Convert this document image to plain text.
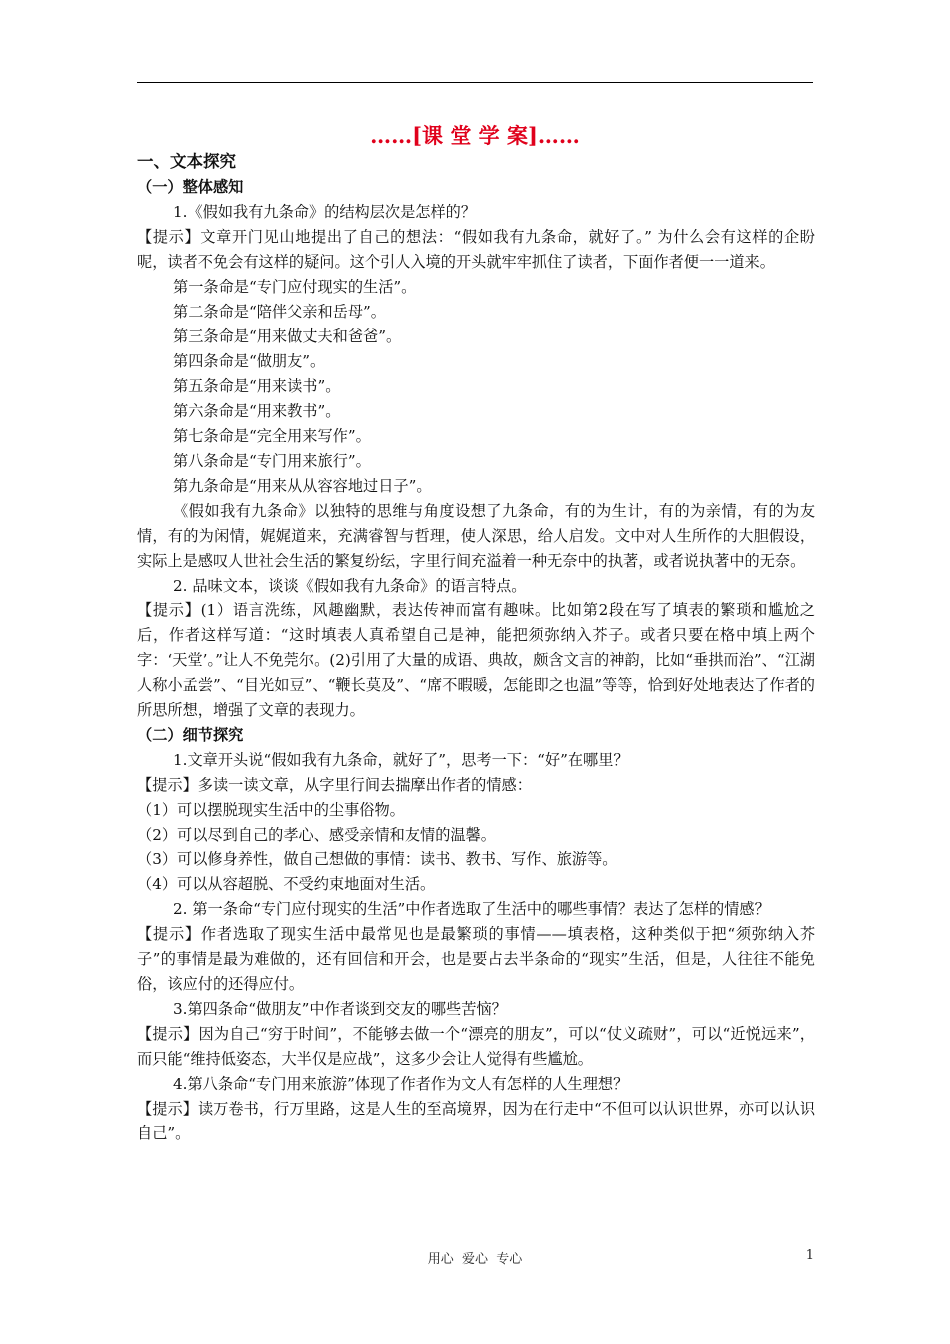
……[课 堂 学 案]……

一、文本探究

（一）整体感知

1.《假如我有九条命》的结构层次是怎样的？

【提示】文章开门见山地提出了自己的想法：“假如我有九条命，就好了。” 为什么会有这样的企盼呢，读者不免会有这样的疑问。这个引人入境的开头就牢牢抓住了读者，下面作者便一一道来。

第一条命是“专门应付现实的生活”。

第二条命是“陪伴父亲和岳母”。

第三条命是“用来做丈夫和爸爸”。

第四条命是“做朋友”。

第五条命是“用来读书”。

第六条命是“用来教书”。

第七条命是“完全用来写作”。

第八条命是“专门用来旅行”。

第九条命是“用来从从容容地过日子”。

《假如我有九条命》以独特的思维与角度设想了九条命，有的为生计，有的为亲情，有的为友情，有的为闲情，娓娓道来，充满睿智与哲理，使人深思，给人启发。文中对人生所作的大胆假设，实际上是感叹人世社会生活的繁复纷纭，字里行间充溢着一种无奈中的执著，或者说执著中的无奈。

2. 品味文本，谈谈《假如我有九条命》的语言特点。

【提示】(1）语言洗练，风趣幽默，表达传神而富有趣味。比如第2段在写了填表的繁琐和尴尬之后，作者这样写道：“这时填表人真希望自己是神，能把须弥纳入芥子。或者只要在格中填上两个字：‘天堂’。”让人不免莞尔。(2)引用了大量的成语、典故，颇含文言的神韵，比如“垂拱而治”、“江湖人称小孟尝”、“目光如豆”、“鞭长莫及”、“席不暇暖，怎能即之也温”等等，恰到好处地表达了作者的所思所想，增强了文章的表现力。

（二）细节探究

1.文章开头说“假如我有九条命，就好了”，思考一下：“好”在哪里？

【提示】多读一读文章，从字里行间去揣摩出作者的情感：

（1）可以摆脱现实生活中的尘事俗物。

（2）可以尽到自己的孝心、感受亲情和友情的温馨。

（3）可以修身养性，做自己想做的事情：读书、教书、写作、旅游等。

（4）可以从容超脱、不受约束地面对生活。

2. 第一条命“专门应付现实的生活”中作者选取了生活中的哪些事情？表达了怎样的情感？

【提示】作者选取了现实生活中最常见也是最繁琐的事情——填表格，这种类似于把“须弥纳入芥子”的事情是最为难做的，还有回信和开会，也是要占去半条命的“现实”生活，但是，人往往不能免俗，该应付的还得应付。

3.第四条命“做朋友”中作者谈到交友的哪些苦恼？

【提示】因为自己“穷于时间”，不能够去做一个“漂亮的朋友”，可以“仗义疏财”，可以“近悦远来”，而只能“维持低姿态，大半仅是应战”，这多少会让人觉得有些尴尬。

4.第八条命“专门用来旅游”体现了作者作为文人有怎样的人生理想？

【提示】读万卷书，行万里路，这是人生的至高境界，因为在行走中“不但可以认识世界，亦可以认识自己”。

用心  爱心  专心	1
